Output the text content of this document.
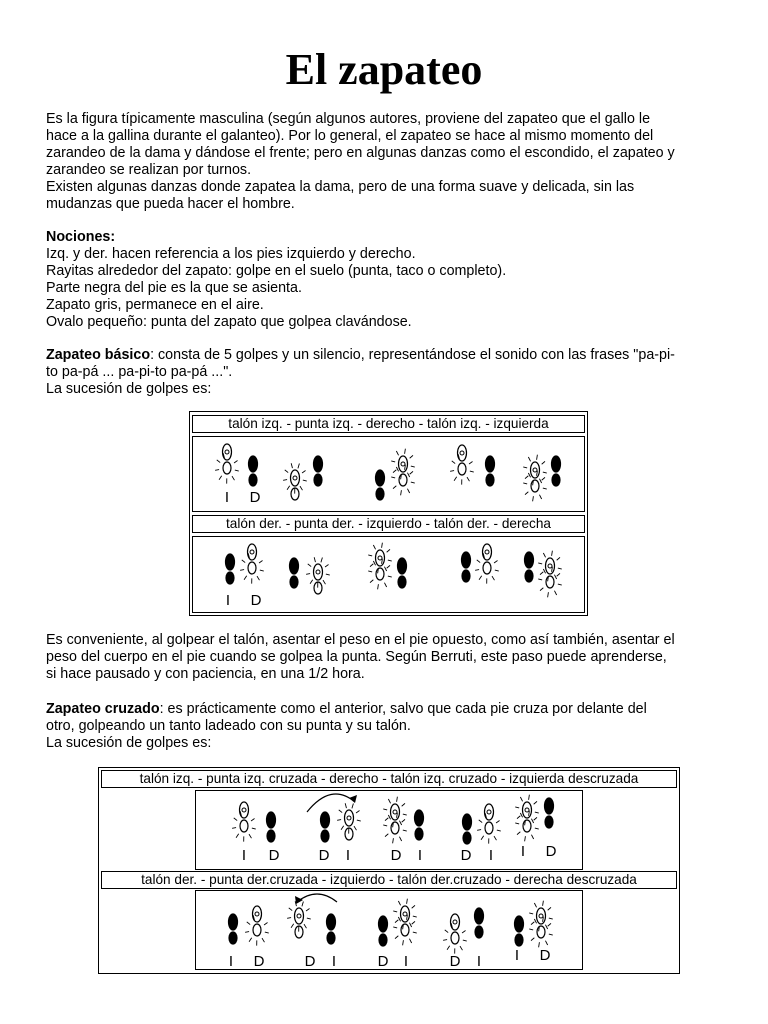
El zapateo

Es la figura típicamente masculina (según algunos autores, proviene del zapateo que el gallo le
hace a la gallina durante el galanteo). Por lo general, el zapateo se hace al mismo momento del
zarandeo de la dama y dándose el frente; pero en algunas danzas como el escondido, el zapateo y
zarandeo se realizan por turnos.
Existen algunas danzas donde zapatea la dama, pero de una forma suave y delicada, sin las
mudanzas que pueda hacer el hombre.

Nociones:
Izq. y der. hacen referencia a los pies izquierdo y derecho.
Rayitas alrededor del zapato: golpe en el suelo (punta, taco o completo).
Parte negra del pie es la que se asienta.
Zapato gris, permanece en el aire.
Ovalo pequeño: punta del zapato que golpea clavándose.

Zapateo básico: consta de 5 golpes y un silencio, representándose el sonido con las frases "pa-pi-
to pa-pá ... pa-pi-to pa-pá ...".
La sucesión de golpes es:

talón izq. - punta izq. - derecho - talón izq. - izquierda
talón der. - punta der. - izquierdo - talón der. - derecha
I D
I D

Es conveniente, al golpear el talón, asentar el peso en el pie opuesto, como así también, asentar el
peso del cuerpo en el pie cuando se golpea la punta. Según Berruti, este paso puede aprenderse,
si hace pausado y con paciencia, en una 1/2 hora.

Zapateo cruzado: es prácticamente como el anterior, salvo que cada pie cruza por delante del
otro, golpeando un tanto ladeado con su punta y su talón.
La sucesión de golpes es:

talón izq. - punta izq. cruzada - derecho - talón izq. cruzado - izquierda descruzada
talón der. - punta der.cruzada - izquierdo - talón der.cruzado - derecha descruzada
I D	D I	D I	D I I D
I D	D I	D I	D I I D
